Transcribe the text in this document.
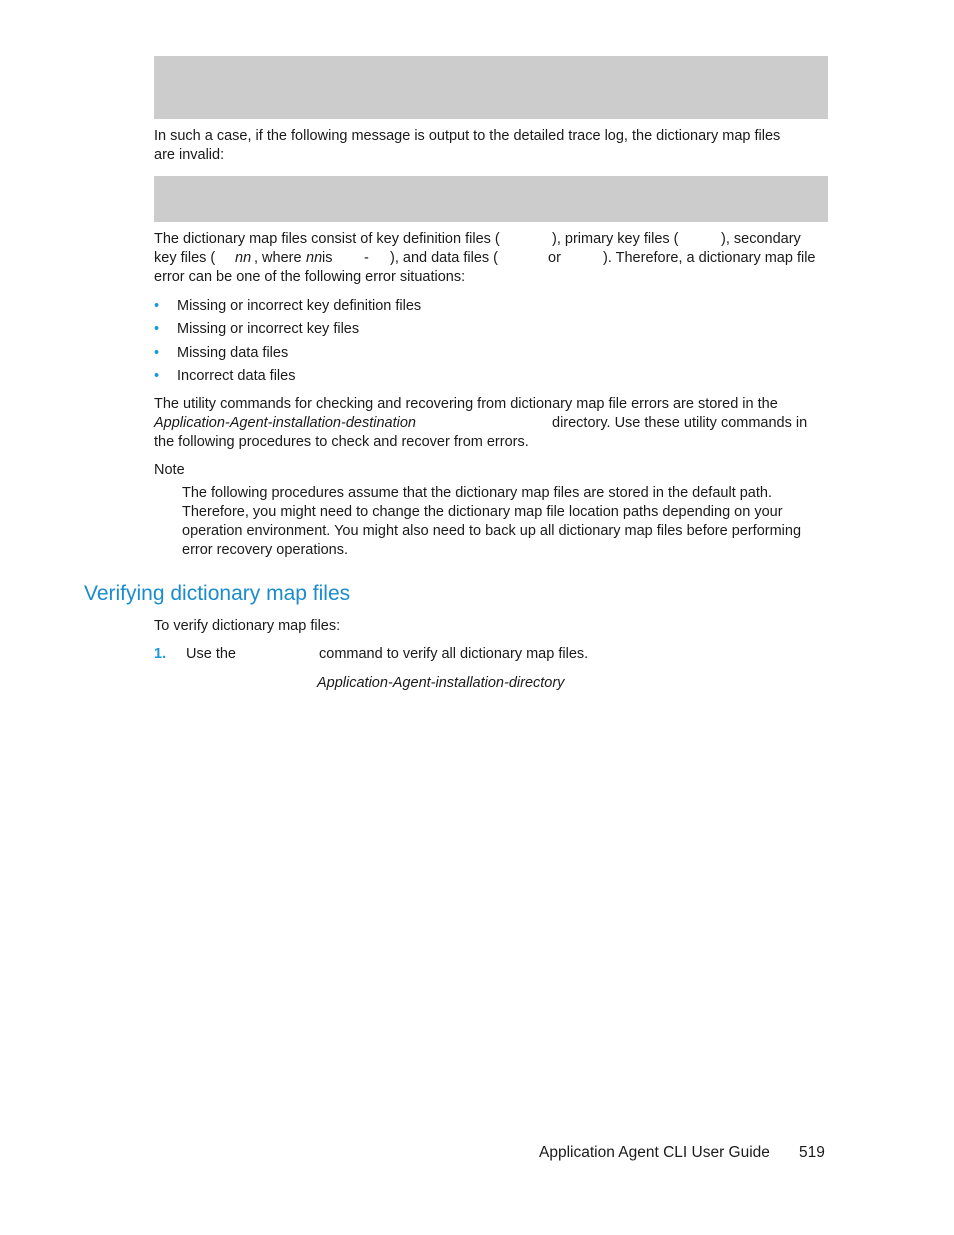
In such a case, if the following message is output to the detailed trace log, the dictionary map files
are invalid:
The dictionary map files consist of key definition files (	), primary key files (	), secondary
key files ( nn , where nn is - ), and data files (	or	). Therefore, a dictionary map file
error can be one of the following error situations:
• Missing or incorrect key definition files
• Missing or incorrect key files
• Missing data files
• Incorrect data files
The utility commands for checking and recovering from dictionary map file errors are stored in the
Application-Agent-installation-destination	directory. Use these utility commands in
the following procedures to check and recover from errors.
Note
The following procedures assume that the dictionary map files are stored in the default path.
Therefore, you might need to change the dictionary map file location paths depending on your
operation environment. You might also need to back up all dictionary map files before performing
error recovery operations.
Verifying dictionary map files
To verify dictionary map files:
1. Use the	command to verify all dictionary map files.
Application-Agent-installation-directory
Application Agent CLI User Guide 519
